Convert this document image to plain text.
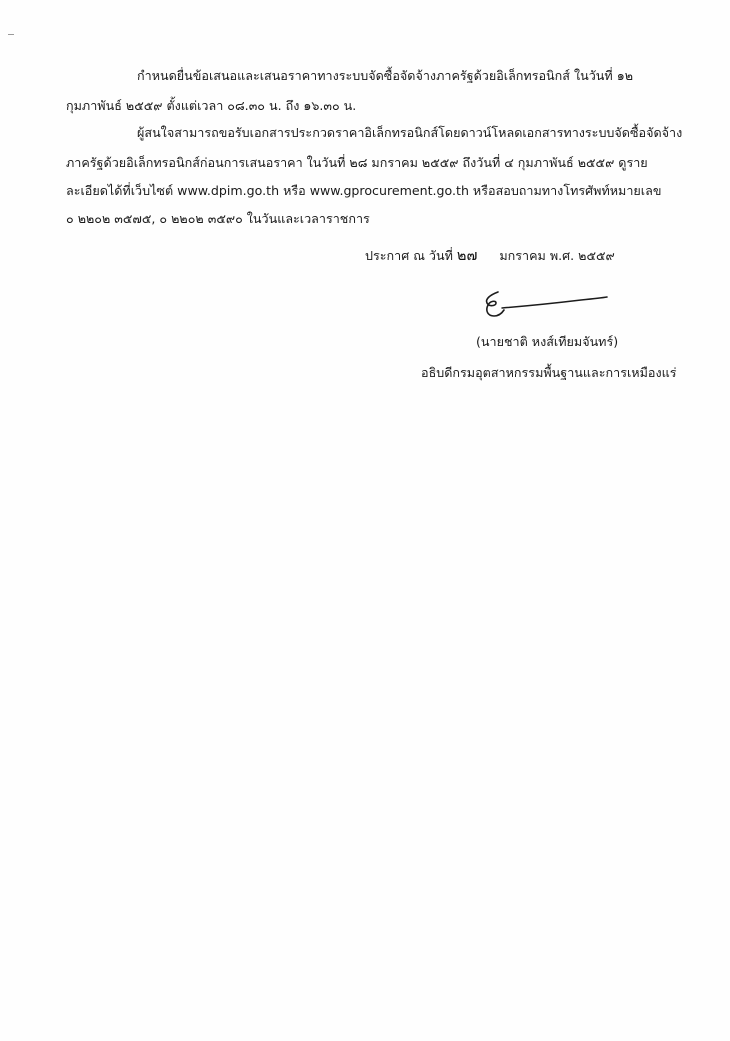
กำหนดยื่นข้อเสนอและเสนอราคาทางระบบจัดซื้อจัดจ้างภาครัฐด้วยอิเล็กทรอนิกส์ ในวันที่ ๑๒
กุมภาพันธ์ ๒๕๕๙ ตั้งแต่เวลา ๐๘.๓๐ น. ถึง ๑๖.๓๐ น.
ผู้สนใจสามารถขอรับเอกสารประกวดราคาอิเล็กทรอนิกส์โดยดาวน์โหลดเอกสารทางระบบจัดซื้อจัดจ้าง
ภาครัฐด้วยอิเล็กทรอนิกส์ก่อนการเสนอราคา ในวันที่ ๒๘ มกราคม ๒๕๕๙ ถึงวันที่ ๔ กุมภาพันธ์ ๒๕๕๙ ดูราย
ละเอียดได้ที่เว็บไซต์ www.dpim.go.th หรือ www.gprocurement.go.th หรือสอบถามทางโทรศัพท์หมายเลข
๐ ๒๒๐๒ ๓๕๗๕, ๐ ๒๒๐๒ ๓๕๙๐ ในวันและเวลาราชการ
ประกาศ ณ วันที่ ๒๗ มกราคม พ.ศ. ๒๕๕๙
(นายชาติ หงส์เทียมจันทร์)
อธิบดีกรมอุตสาหกรรมพื้นฐานและการเหมืองแร่
